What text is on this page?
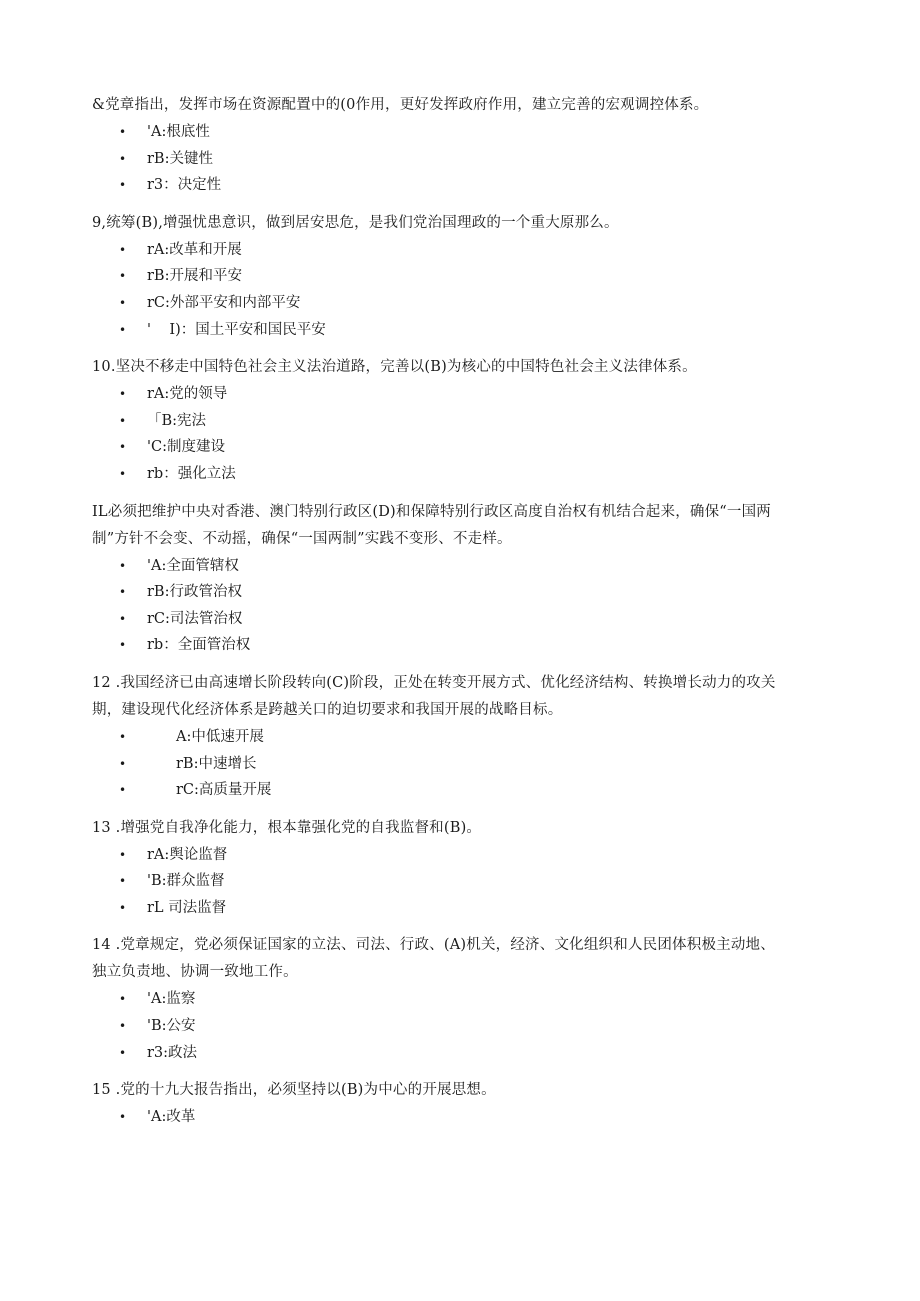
&党章指出，发挥市场在资源配置中的(0作用，更好发挥政府作用，建立完善的宏观调控体系。

• 'A:根底性
• rB:关键性
• r3：决定性

9,统筹(B),增强忧患意识，做到居安思危，是我们党治国理政的一个重大原那么。

• rA:改革和开展
• rB:开展和平安
• rC:外部平安和内部平安
• '    I)：国土平安和国民平安

10.坚决不移走中国特色社会主义法治道路，完善以(B)为核心的中国特色社会主义法律体系。

• rA:党的领导
• 「B:宪法
• 'C:制度建设
• rb：强化立法

IL必须把维护中央对香港、澳门特别行政区(D)和保障特别行政区高度自治权有机结合起来，确保“一国两

制”方针不会变、不动摇，确保“一国两制”实践不变形、不走样。

• 'A:全面管辖权
• rB:行政管治权
• rC:司法管治权
• rb：全面管治权

12 .我国经济已由高速增长阶段转向(C)阶段，正处在转变开展方式、优化经济结构、转换增长动力的攻关

期，建设现代化经济体系是跨越关口的迫切要求和我国开展的战略目标。

•	A:中低速开展
•	rB:中速增长
•	rC:高质量开展

13 .增强党自我净化能力，根本靠强化党的自我监督和(B)。

• rA:舆论监督
• 'B:群众监督
• rL 司法监督

14 .党章规定，党必须保证国家的立法、司法、行政、(A)机关，经济、文化组织和人民团体积极主动地、

独立负责地、协调一致地工作。

• 'A:监察
• 'B:公安
• r3:政法

15 .党的十九大报告指出，必须坚持以(B)为中心的开展思想。

• 'A:改革
